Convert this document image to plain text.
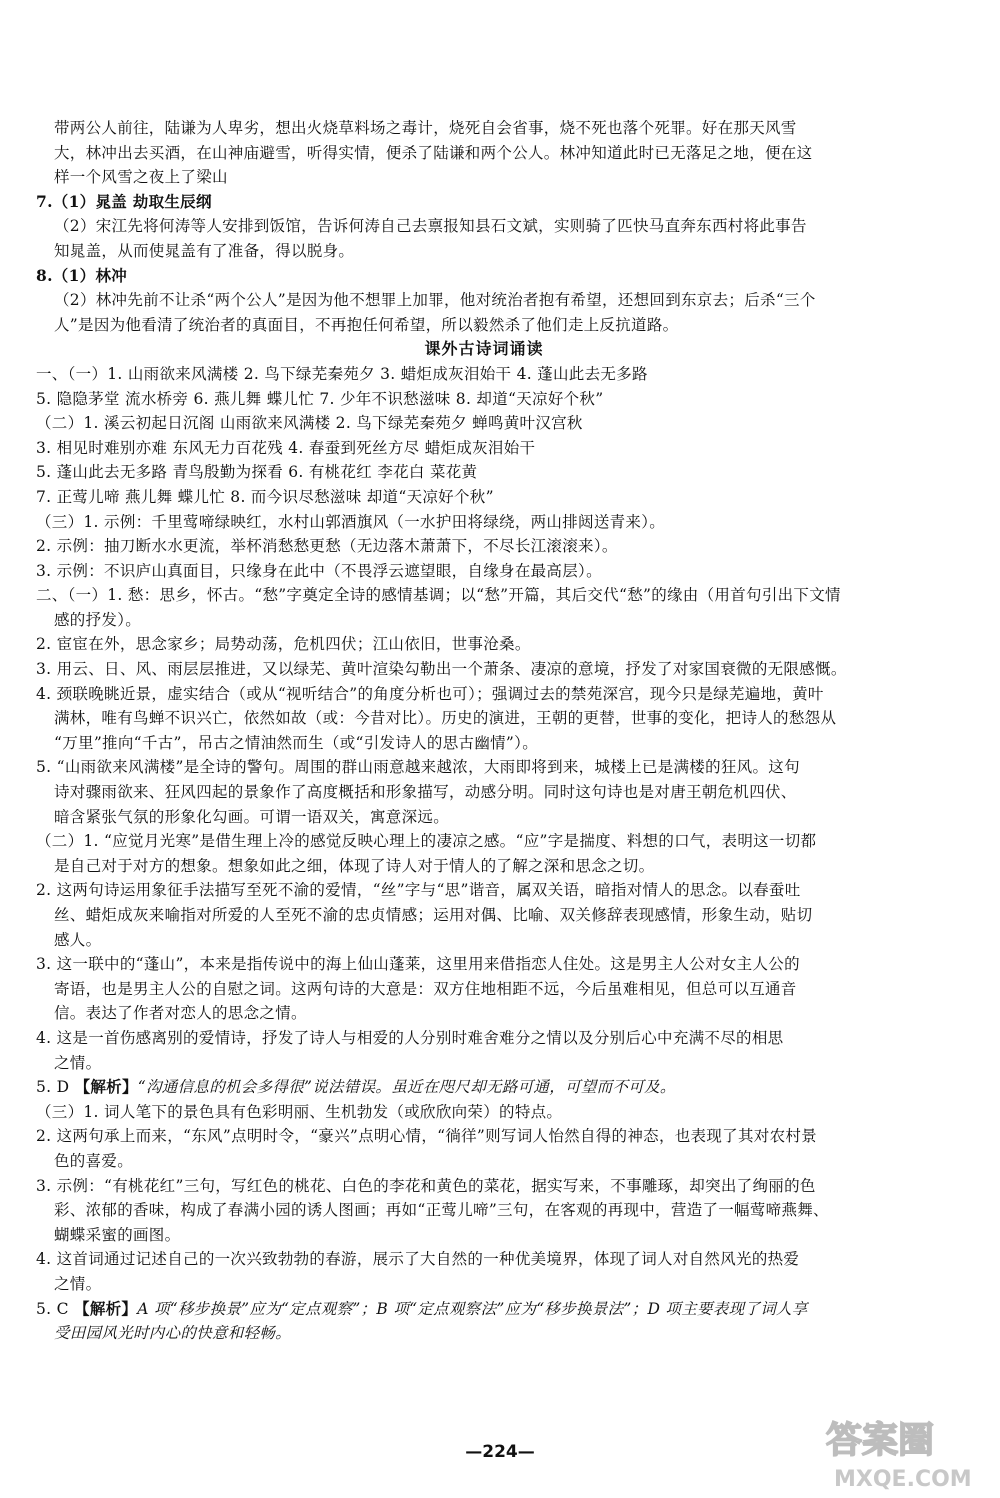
带两公人前往，陆谦为人卑劣，想出火烧草料场之毒计，烧死自会省事，烧不死也落个死罪。好在那天风雪
大，林冲出去买酒，在山神庙避雪，听得实情，便杀了陆谦和两个公人。林冲知道此时已无落足之地，便在这
样一个风雪之夜上了梁山
7.（1）晁盖 劫取生辰纲
（2）宋江先将何涛等人安排到饭馆，告诉何涛自己去禀报知县石文斌，实则骑了匹快马直奔东西村将此事告
知晁盖，从而使晁盖有了准备，得以脱身。
8.（1）林冲
（2）林冲先前不让杀“两个公人”是因为他不想罪上加罪，他对统治者抱有希望，还想回到东京去；后杀“三个
人”是因为他看清了统治者的真面目，不再抱任何希望，所以毅然杀了他们走上反抗道路。
课外古诗词诵读
一、（一）1. 山雨欲来风满楼 2. 鸟下绿芜秦苑夕 3. 蜡炬成灰泪始干 4. 蓬山此去无多路
5. 隐隐茅堂 流水桥旁 6. 燕儿舞 蝶儿忙 7. 少年不识愁滋味 8. 却道“天凉好个秋”
（二）1. 溪云初起日沉阁 山雨欲来风满楼 2. 鸟下绿芜秦苑夕 蝉鸣黄叶汉宫秋
3. 相见时难别亦难 东风无力百花残 4. 春蚕到死丝方尽 蜡炬成灰泪始干
5. 蓬山此去无多路 青鸟殷勤为探看 6. 有桃花红 李花白 菜花黄
7. 正莺儿啼 燕儿舞 蝶儿忙 8. 而今识尽愁滋味 却道“天凉好个秋”
（三）1. 示例：千里莺啼绿映红，水村山郭酒旗风（一水护田将绿绕，两山排闼送青来）。
2. 示例：抽刀断水水更流，举杯消愁愁更愁（无边落木萧萧下，不尽长江滚滚来）。
3. 示例：不识庐山真面目，只缘身在此中（不畏浮云遮望眼，自缘身在最高层）。
二、（一）1. 愁：思乡，怀古。“愁”字奠定全诗的感情基调；以“愁”开篇，其后交代“愁”的缘由（用首句引出下文情
感的抒发）。
2. 宦宦在外，思念家乡；局势动荡，危机四伏；江山依旧，世事沧桑。
3. 用云、日、风、雨层层推进，又以绿芜、黄叶渲染勾勒出一个萧条、凄凉的意境，抒发了对家国衰微的无限感慨。
4. 颈联晚眺近景，虚实结合（或从“视听结合”的角度分析也可）；强调过去的禁苑深宫，现今只是绿芜遍地，黄叶
满林，唯有鸟蝉不识兴亡，依然如故（或：今昔对比）。历史的演进，王朝的更替，世事的变化，把诗人的愁怨从
“万里”推向“千古”，吊古之情油然而生（或“引发诗人的思古幽情”）。
5. “山雨欲来风满楼”是全诗的警句。周围的群山雨意越来越浓，大雨即将到来，城楼上已是满楼的狂风。这句
诗对骤雨欲来、狂风四起的景象作了高度概括和形象描写，动感分明。同时这句诗也是对唐王朝危机四伏、
暗含紧张气氛的形象化勾画。可谓一语双关，寓意深远。
（二）1. “应觉月光寒”是借生理上冷的感觉反映心理上的凄凉之感。“应”字是揣度、料想的口气，表明这一切都
是自己对于对方的想象。想象如此之细，体现了诗人对于情人的了解之深和思念之切。
2. 这两句诗运用象征手法描写至死不渝的爱情，“丝”字与“思”谐音，属双关语，暗指对情人的思念。以春蚕吐
丝、蜡炬成灰来喻指对所爱的人至死不渝的忠贞情感；运用对偶、比喻、双关修辞表现感情，形象生动，贴切
感人。
3. 这一联中的“蓬山”，本来是指传说中的海上仙山蓬莱，这里用来借指恋人住处。这是男主人公对女主人公的
寄语，也是男主人公的自慰之词。这两句诗的大意是：双方住地相距不远，今后虽难相见，但总可以互通音
信。表达了作者对恋人的思念之情。
4. 这是一首伤感离别的爱情诗，抒发了诗人与相爱的人分别时难舍难分之情以及分别后心中充满不尽的相思
之情。
5. D 【解析】“沟通信息的机会多得很”说法错误。虽近在咫尺却无路可通，可望而不可及。
（三）1. 词人笔下的景色具有色彩明丽、生机勃发（或欣欣向荣）的特点。
2. 这两句承上而来，“东风”点明时令，“豪兴”点明心情，“徜徉”则写词人怡然自得的神态，也表现了其对农村景
色的喜爱。
3. 示例：“有桃花红”三句，写红色的桃花、白色的李花和黄色的菜花，据实写来，不事雕琢，却突出了绚丽的色
彩、浓郁的香味，构成了春满小园的诱人图画；再如“正莺儿啼”三句，在客观的再现中，营造了一幅莺啼燕舞、
蝴蝶采蜜的画图。
4. 这首词通过记述自己的一次兴致勃勃的春游，展示了大自然的一种优美境界，体现了词人对自然风光的热爱
之情。
5. C 【解析】A 项“移步换景”应为“定点观察”；B 项“定点观察法”应为“移步换景法”；D 项主要表现了词人享
受田园风光时内心的快意和轻畅。
—224—	答案圈
MXQE.COM
